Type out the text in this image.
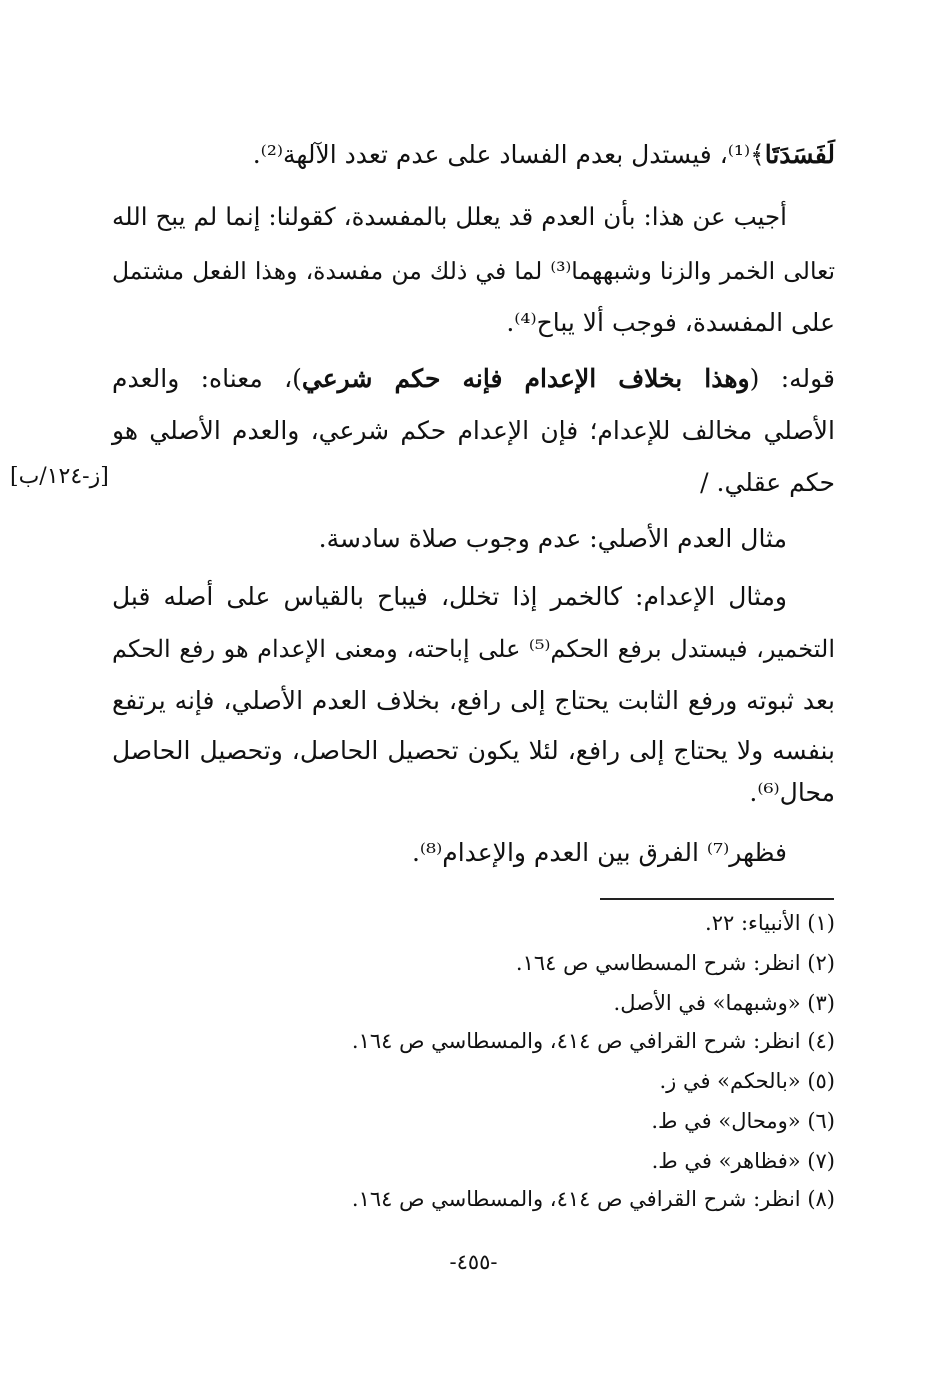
لَفَسَدَتَا﴾⁽¹⁾، فيستدل بعدم الفساد على عدم تعدد الآلهة⁽²⁾.
أجيب عن هذا: بأن العدم قد يعلل بالمفسدة، كقولنا: إنما لم يبح الله
تعالى الخمر والزنا وشبههما⁽³⁾ لما في ذلك من مفسدة، وهذا الفعل مشتمل
على المفسدة، فوجب ألا يباح⁽⁴⁾.
قوله: (وهذا بخلاف الإعدام فإنه حكم شرعي)، معناه: والعدم
الأصلي مخالف للإعدام؛ فإن الإعدام حكم شرعي، والعدم الأصلي هو
حكم عقلي. /
[ز-١٢٤/ب]
مثال العدم الأصلي: عدم وجوب صلاة سادسة.
ومثال الإعدام: كالخمر إذا تخلل، فيباح بالقياس على أصله قبل
التخمير، فيستدل برفع الحكم⁽⁵⁾ على إباحته، ومعنى الإعدام هو رفع الحكم
بعد ثبوته ورفع الثابت يحتاج إلى رافع، بخلاف العدم الأصلي، فإنه يرتفع
بنفسه ولا يحتاج إلى رافع، لئلا يكون تحصيل الحاصل، وتحصيل الحاصل
محال⁽⁶⁾.
فظهر⁽⁷⁾ الفرق بين العدم والإعدام⁽⁸⁾.
(١) الأنبياء: ٢٢.
(٢) انظر: شرح المسطاسي ص ١٦٤.
(٣) «وشبهما» في الأصل.
(٤) انظر: شرح القرافي ص ٤١٤، والمسطاسي ص ١٦٤.
(٥) «بالحكم» في ز.
(٦) «ومحال» في ط.
(٧) «فظاهر» في ط.
(٨) انظر: شرح القرافي ص ٤١٤، والمسطاسي ص ١٦٤.
-٤٥٥-
